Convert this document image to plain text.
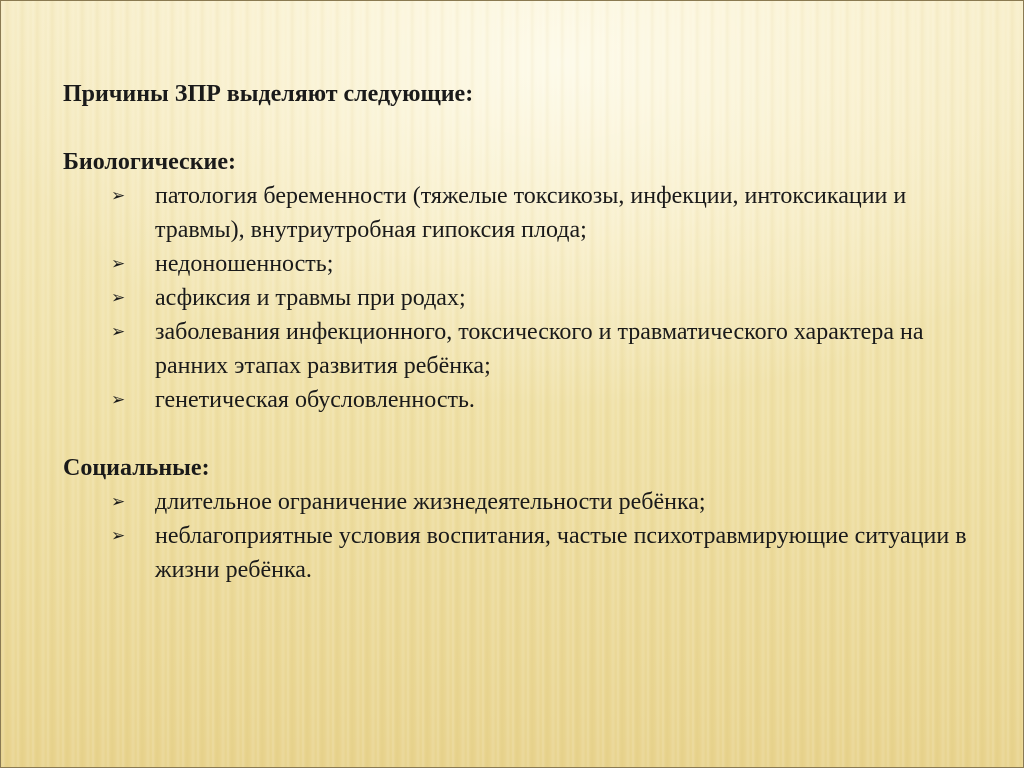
Причины ЗПР выделяют следующие:

Биологические:

➢ патология беременности (тяжелые токсикозы, инфекции, интоксикации и травмы), внутриутробная гипоксия плода;
➢ недоношенность;
➢ асфиксия и травмы при родах;
➢ заболевания инфекционного, токсического и травматического характера на ранних этапах развития ребёнка;
➢ генетическая обусловленность.

Социальные:

➢ длительное ограничение жизнедеятельности ребёнка;
➢ неблагоприятные условия воспитания, частые психотравмирующие ситуации в жизни ребёнка.
